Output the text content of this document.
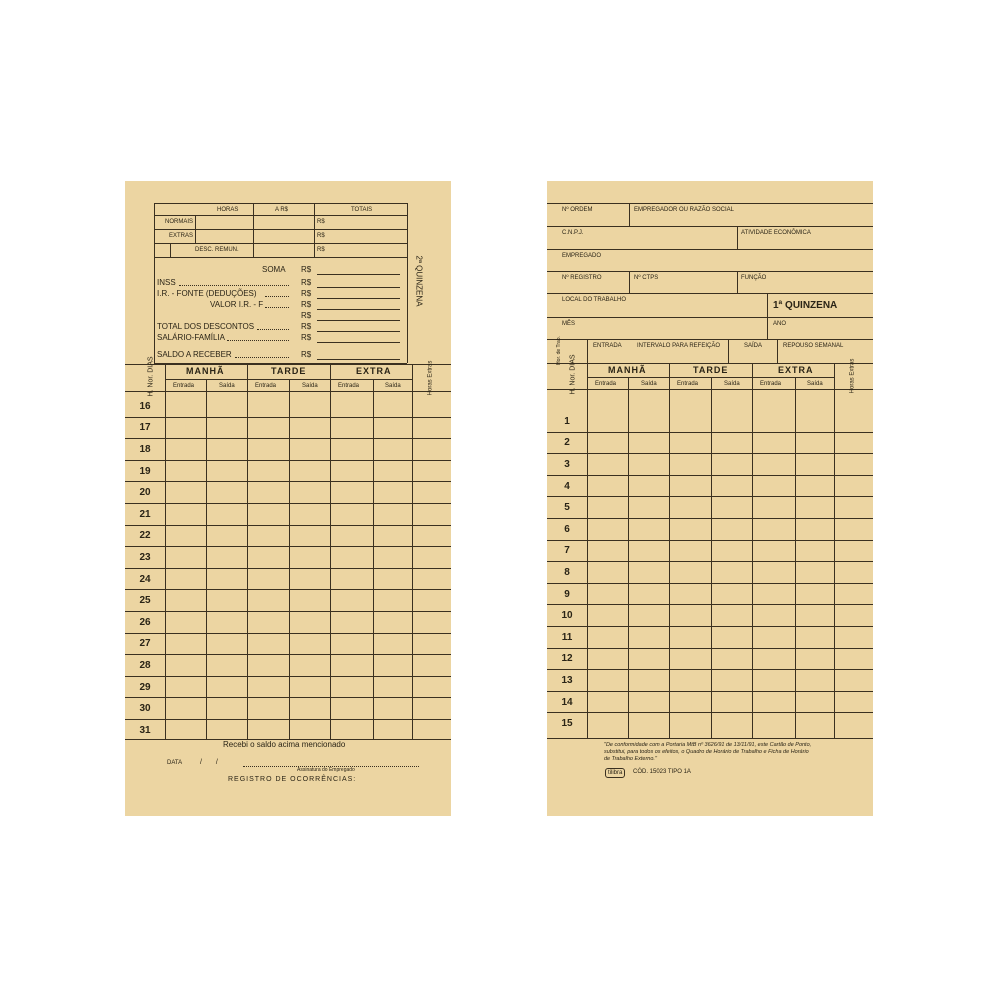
HORAS	A R$	TOTAIS
NORMAIS	R$
EXTRAS	R$
DESC. REMUN.	R$
SOMA R$
INSS	R$
I.R. - FONTE (DEDUÇÕES)	R$
VALOR I.R. - F	R$
R$
TOTAL DOS DESCONTOS	R$
SALÁRIO-FAMÍLIA	R$
SALDO A RECEBER	R$
2ª QUINZENA
16
17
18
19
20
21
22
23
24
25
26
27
28
29
30
31
H. Nor. DIAS	MANHÃ	TARDE	EXTRA
Entrada	Saída	Entrada	Saída	Entrada	Saída	Horas Extras
Recebi o saldo acima mencionado
DATA	/ /
Assinatura do Empregado
REGISTRO DE OCORRÊNCIAS:
Nº ORDEM	EMPREGADOR OU RAZÃO SOCIAL
C.N.P.J.	ATIVIDADE ECONÔMICA
EMPREGADO
Nº REGISTRO	Nº CTPS	FUNÇÃO
LOCAL DO TRABALHO	1ª QUINZENA
MÊS	ANO
Hor. de Trab.	ENTRADA	INTERVALO PARA REFEIÇÃO	SAÍDA	REPOUSO SEMANAL
1
2
3
4
5
6
7
8
9
10
11
12
13
14
15
H. Nor. DIAS	MANHÃ	TARDE	EXTRA
Entrada	Saída	Entrada	Saída	Entrada	Saída	Horas Extras
"De conformidade com a Portaria MtB nº 3626/91 de 13/11/91, este Cartão de Ponto, substitui, para todos os efeitos, o Quadro de Horário de Trabalho e Ficha de Horário de Trabalho Externo."
tilibra	CÓD. 15023 TIPO 1A
